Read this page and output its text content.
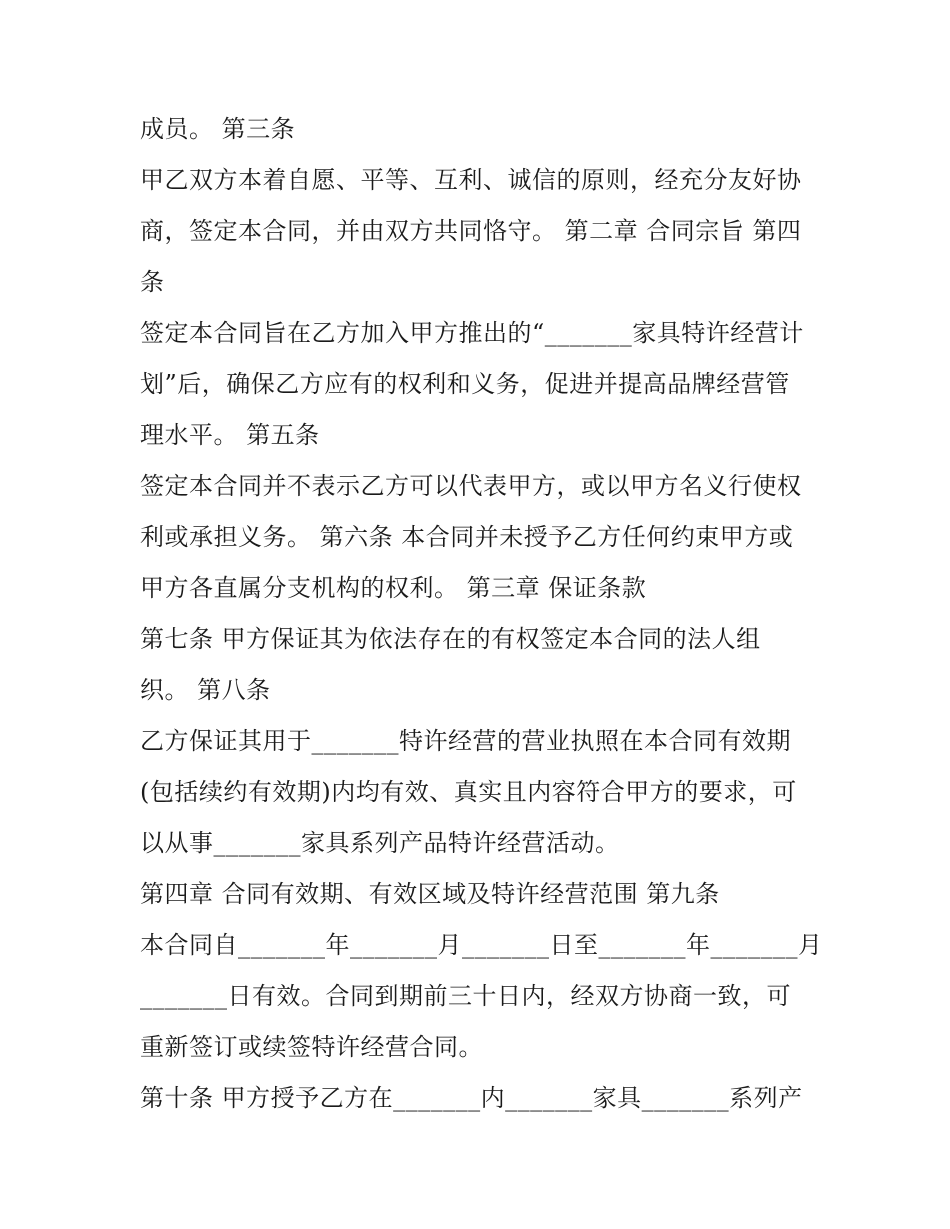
成员。 第三条
甲乙双方本着自愿、平等、互利、诚信的原则，经充分友好协
商，签定本合同，并由双方共同恪守。 第二章 合同宗旨 第四
条
签定本合同旨在乙方加入甲方推出的“_______家具特许经营计
划”后，确保乙方应有的权利和义务，促进并提高品牌经营管
理水平。 第五条
签定本合同并不表示乙方可以代表甲方，或以甲方名义行使权
利或承担义务。 第六条 本合同并未授予乙方任何约束甲方或
甲方各直属分支机构的权利。 第三章 保证条款
第七条 甲方保证其为依法存在的有权签定本合同的法人组
织。 第八条
乙方保证其用于_______特许经营的营业执照在本合同有效期
(包括续约有效期)内均有效、真实且内容符合甲方的要求，可
以从事_______家具系列产品特许经营活动。
第四章 合同有效期、有效区域及特许经营范围 第九条
本合同自_______年_______月_______日至_______年_______月
_______日有效。合同到期前三十日内，经双方协商一致，可
重新签订或续签特许经营合同。
第十条 甲方授予乙方在_______内_______家具_______系列产
